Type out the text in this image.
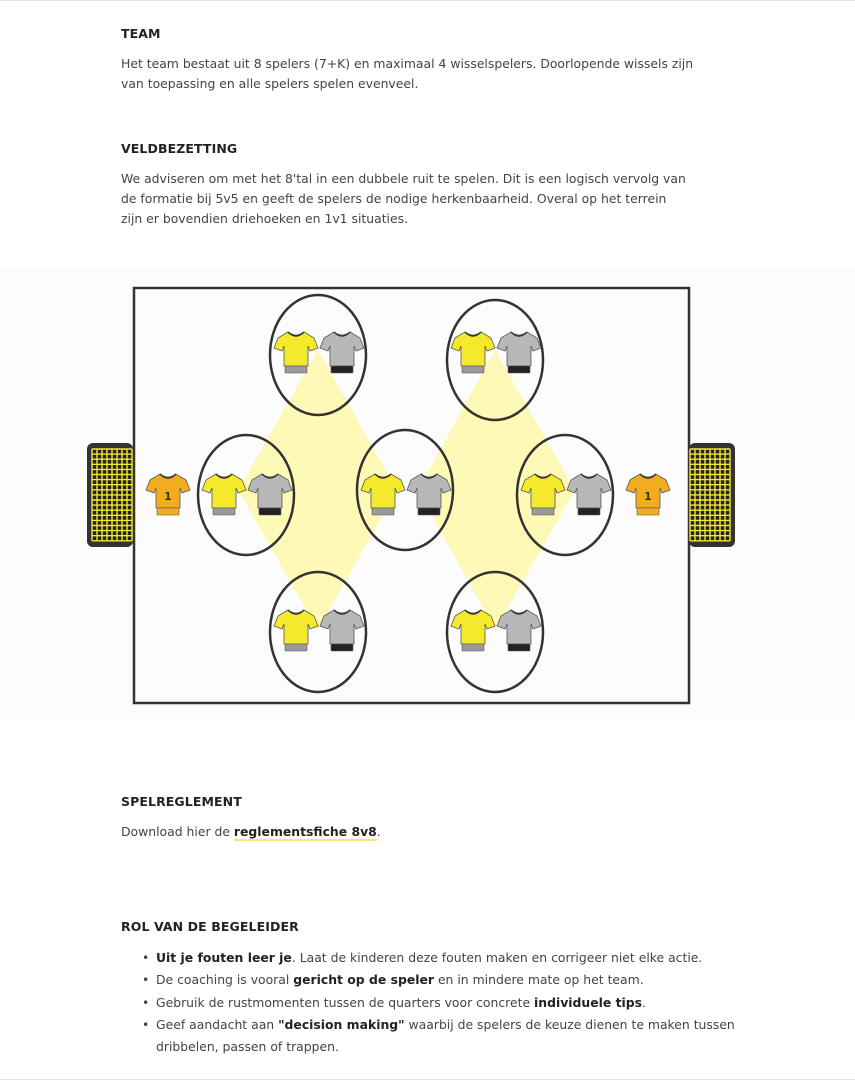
TEAM

Het team bestaat uit 8 spelers (7+K) en maximaal 4 wisselspelers. Doorlopende wissels zijn van toepassing en alle spelers spelen evenveel.

VELDBEZETTING

We adviseren om met het 8'tal in een dubbele ruit te spelen. Dit is een logisch vervolg van de formatie bij 5v5 en geeft de spelers de nodige herkenbaarheid. Overal op het terrein zijn er bovendien driehoeken en 1v1 situaties.

1	1
SPELREGLEMENT

Download hier de reglementsfiche 8v8.

ROL VAN DE BEGELEIDER
• Uit je fouten leer je. Laat de kinderen deze fouten maken en corrigeer niet elke actie.
• De coaching is vooral gericht op de speler en in mindere mate op het team.
• Gebruik de rustmomenten tussen de quarters voor concrete individuele tips.
• Geef aandacht aan "decision making" waarbij de spelers de keuze dienen te maken tussen dribbelen, passen of trappen.
